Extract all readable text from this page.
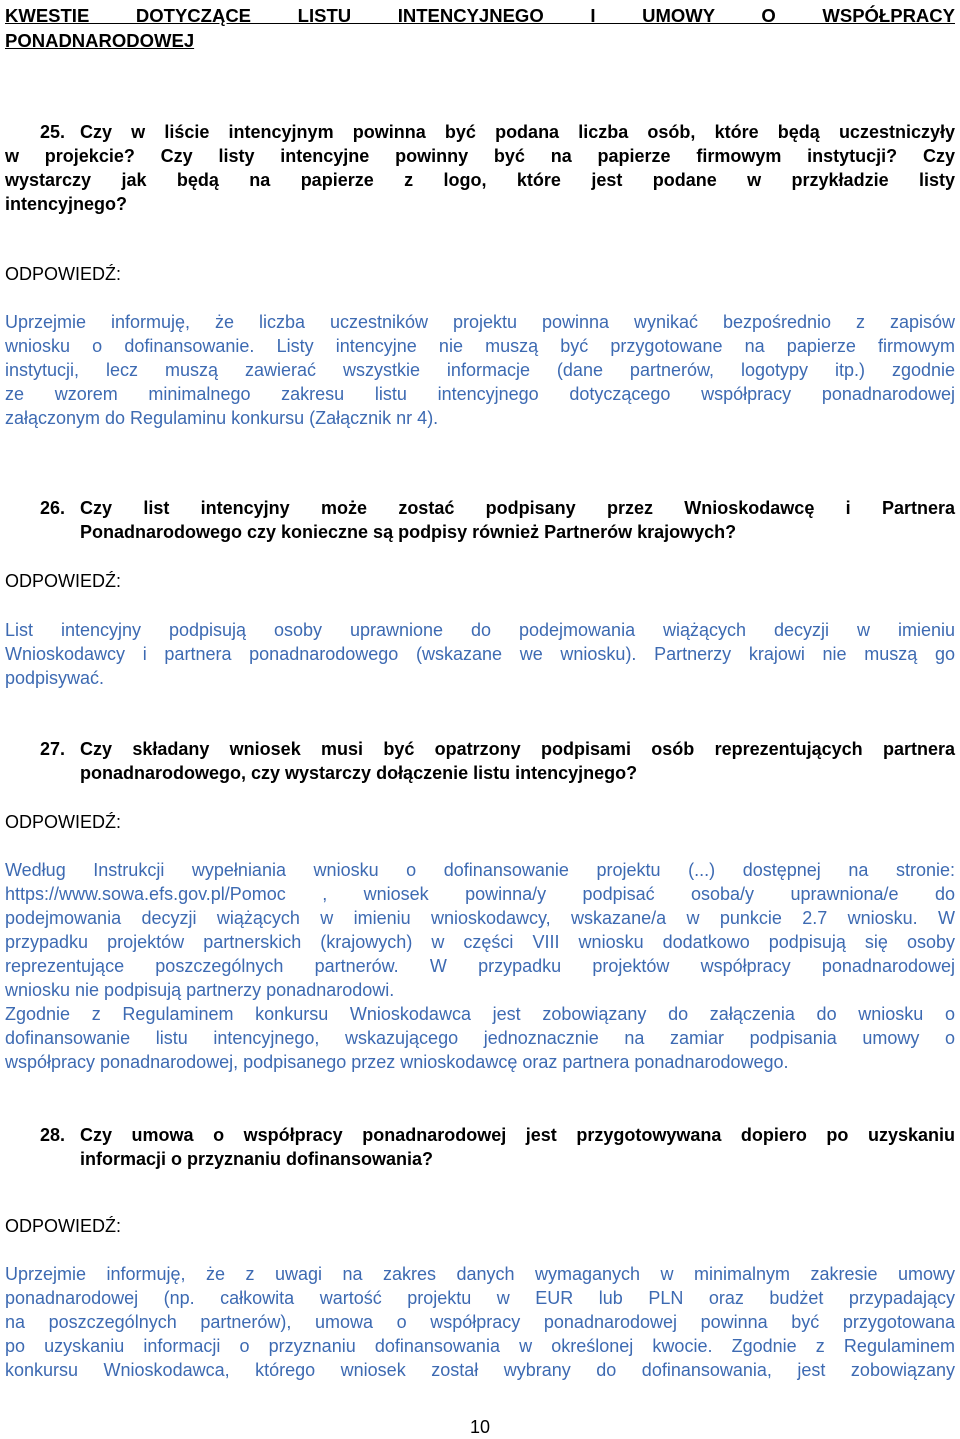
KWESTIE DOTYCZĄCE LISTU INTENCYJNEGO I UMOWY O WSPÓŁPRACY
PONADNARODOWEJ
25. Czy w liście intencyjnym powinna być podana liczba osób, które będą uczestniczyły
w projekcie? Czy listy intencyjne powinny być na papierze firmowym instytucji? Czy
wystarczy jak będą na papierze z logo, które jest podane w przykładzie listy
intencyjnego?
ODPOWIEDŹ:
Uprzejmie informuję, że liczba uczestników projektu powinna wynikać bezpośrednio z zapisów
wniosku o dofinansowanie. Listy intencyjne nie muszą być przygotowane na papierze firmowym
instytucji, lecz muszą zawierać wszystkie informacje (dane partnerów, logotypy itp.) zgodnie
ze wzorem minimalnego zakresu listu intencyjnego dotyczącego współpracy ponadnarodowej
załączonym do Regulaminu konkursu (Załącznik nr 4).
26. Czy list intencyjny może zostać podpisany przez Wnioskodawcę i Partnera
Ponadnarodowego czy konieczne są podpisy również Partnerów krajowych?
ODPOWIEDŹ:
List intencyjny podpisują osoby uprawnione do podejmowania wiążących decyzji w imieniu
Wnioskodawcy i partnera ponadnarodowego (wskazane we wniosku). Partnerzy krajowi nie muszą go
podpisywać.
27. Czy składany wniosek musi być opatrzony podpisami osób reprezentujących partnera
ponadnarodowego, czy wystarczy dołączenie listu intencyjnego?
ODPOWIEDŹ:
Według Instrukcji wypełniania wniosku o dofinansowanie projektu (...) dostępnej na stronie:
https://www.sowa.efs.gov.pl/Pomoc , wniosek powinna/y podpisać osoba/y uprawniona/e do
podejmowania decyzji wiążących w imieniu wnioskodawcy, wskazane/a w punkcie 2.7 wniosku. W
przypadku projektów partnerskich (krajowych) w części VIII wniosku dodatkowo podpisują się osoby
reprezentujące poszczególnych partnerów. W przypadku projektów współpracy ponadnarodowej
wniosku nie podpisują partnerzy ponadnarodowi.
Zgodnie z Regulaminem konkursu Wnioskodawca jest zobowiązany do załączenia do wniosku o
dofinansowanie listu intencyjnego, wskazującego jednoznacznie na zamiar podpisania umowy o
współpracy ponadnarodowej, podpisanego przez wnioskodawcę oraz partnera ponadnarodowego.
28. Czy umowa o współpracy ponadnarodowej jest przygotowywana dopiero po uzyskaniu
informacji o przyznaniu dofinansowania?
ODPOWIEDŹ:
Uprzejmie informuję, że z uwagi na zakres danych wymaganych w minimalnym zakresie umowy
ponadnarodowej (np. całkowita wartość projektu w EUR lub PLN oraz budżet przypadający
na poszczególnych partnerów), umowa o współpracy ponadnarodowej powinna być przygotowana
po uzyskaniu informacji o przyznaniu dofinansowania w określonej kwocie. Zgodnie z Regulaminem
konkursu Wnioskodawca, którego wniosek został wybrany do dofinansowania, jest zobowiązany
10
